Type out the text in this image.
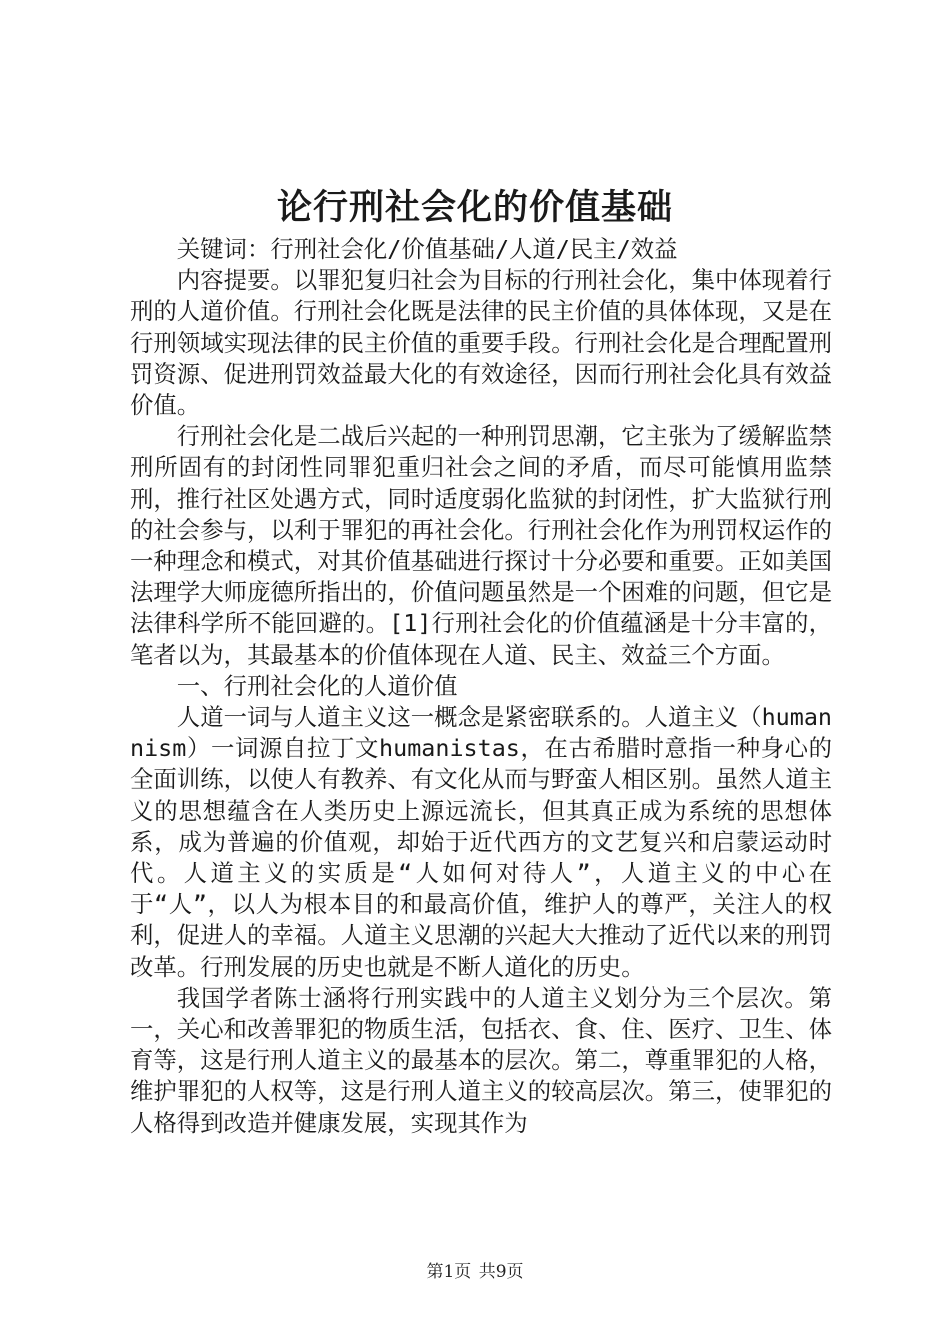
论行刑社会化的价值基础

关键词：行刑社会化/价值基础/人道/民主/效益

内容提要。以罪犯复归社会为目标的行刑社会化，集中体现着行刑的人道价值。行刑社会化既是法律的民主价值的具体体现，又是在行刑领域实现法律的民主价值的重要手段。行刑社会化是合理配置刑罚资源、促进刑罚效益最大化的有效途径，因而行刑社会化具有效益价值。

行刑社会化是二战后兴起的一种刑罚思潮，它主张为了缓解监禁刑所固有的封闭性同罪犯重归社会之间的矛盾，而尽可能慎用监禁刑，推行社区处遇方式，同时适度弱化监狱的封闭性，扩大监狱行刑的社会参与，以利于罪犯的再社会化。行刑社会化作为刑罚权运作的一种理念和模式，对其价值基础进行探讨十分必要和重要。正如美国法理学大师庞德所指出的，价值问题虽然是一个困难的问题，但它是法律科学所不能回避的。[1]行刑社会化的价值蕴涵是十分丰富的，笔者以为，其最基本的价值体现在人道、民主、效益三个方面。

一、行刑社会化的人道价值

人道一词与人道主义这一概念是紧密联系的。人道主义（humannism）一词源自拉丁文humanistas，在古希腊时意指一种身心的全面训练，以使人有教养、有文化从而与野蛮人相区别。虽然人道主义的思想蕴含在人类历史上源远流长，但其真正成为系统的思想体系，成为普遍的价值观，却始于近代西方的文艺复兴和启蒙运动时代。人道主义的实质是“人如何对待人”，人道主义的中心在于“人”，以人为根本目的和最高价值，维护人的尊严，关注人的权利，促进人的幸福。人道主义思潮的兴起大大推动了近代以来的刑罚改革。行刑发展的历史也就是不断人道化的历史。

我国学者陈士涵将行刑实践中的人道主义划分为三个层次。第一，关心和改善罪犯的物质生活，包括衣、食、住、医疗、卫生、体育等，这是行刑人道主义的最基本的层次。第二，尊重罪犯的人格，维护罪犯的人权等，这是行刑人道主义的较高层次。第三，使罪犯的人格得到改造并健康发展，实现其作为

第1页 共9页
